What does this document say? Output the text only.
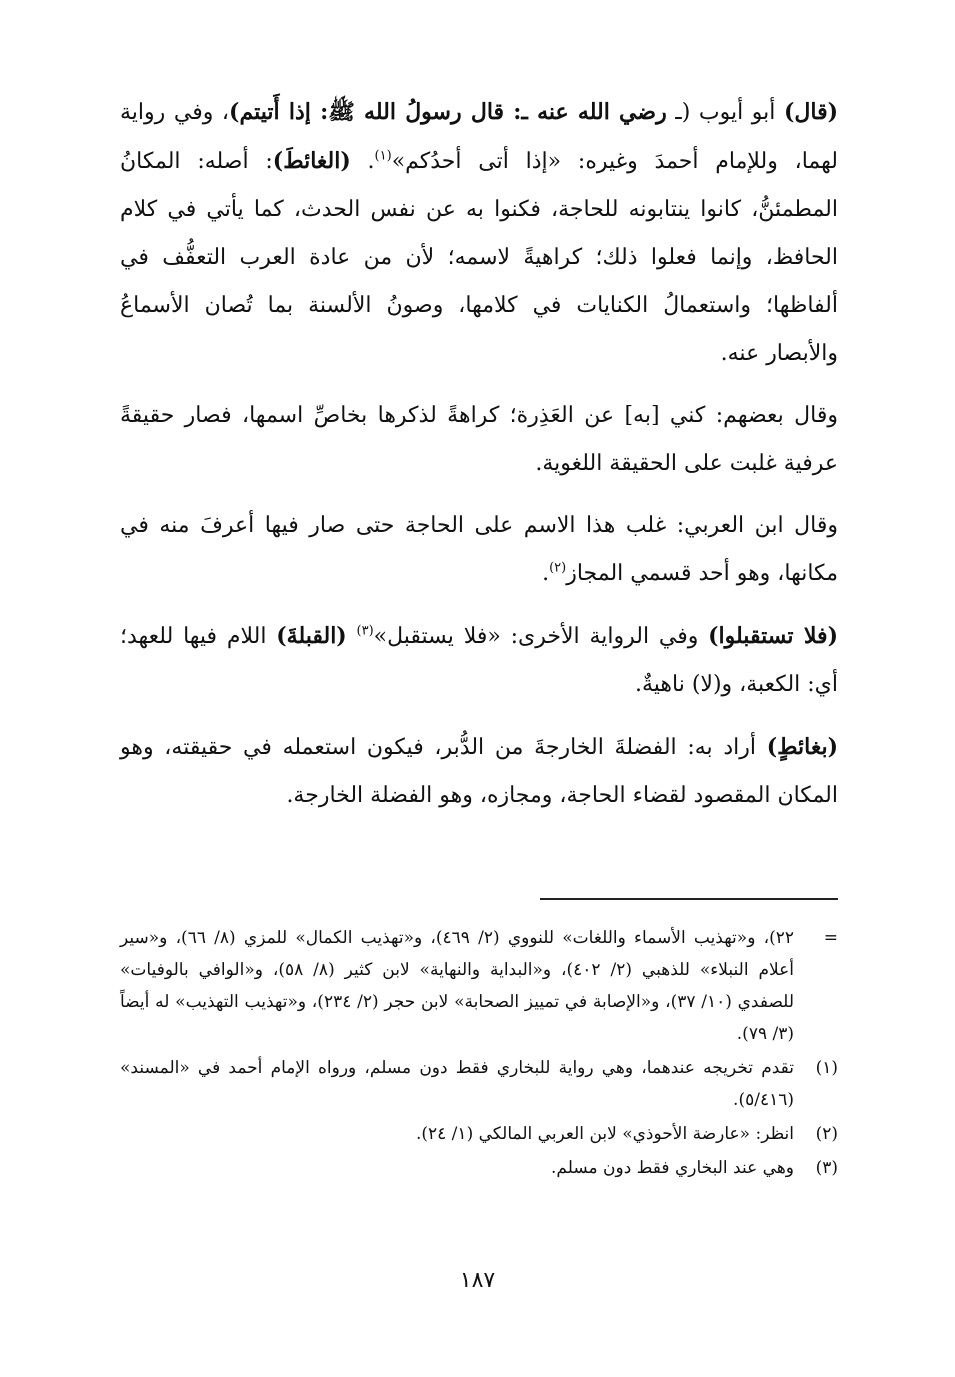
(قال) أبو أيوب (ـ رضي الله عنه ـ: قال رسولُ الله ﷺ: إذا أَتيتم)، وفي رواية لهما، وللإمام أحمدَ وغيره: «إذا أتى أحدُكم»$^{(١)}$. (الغائطَ): أصله: المكانُ المطمئنُّ، كانوا ينتابونه للحاجة، فكنوا به عن نفس الحدث، كما يأتي في كلام الحافظ، وإنما فعلوا ذلك؛ كراهيةً لاسمه؛ لأن من عادة العرب التعفُّف في ألفاظها؛ واستعمالُ الكنايات في كلامها، وصونُ الألسنة بما تُصان الأسماعُ والأبصار عنه.

وقال بعضهم: كني [به] عن العَذِرة؛ كراهةً لذكرها بخاصِّ اسمها، فصار حقيقةً عرفية غلبت على الحقيقة اللغوية.

وقال ابن العربي: غلب هذا الاسم على الحاجة حتى صار فيها أعرفَ منه في مكانها، وهو أحد قسمي المجاز$^{(٢)}$.

(فلا تستقبلوا) وفي الرواية الأخرى: «فلا يستقبل»$^{(٣)}$ (القبلةَ) اللام فيها للعهد؛ أي: الكعبة، و(لا) ناهيةٌ.

(بغائطٍ) أراد به: الفضلةَ الخارجةَ من الدُّبر، فيكون استعمله في حقيقته، وهو المكان المقصود لقضاء الحاجة، ومجازه، وهو الفضلة الخارجة.

=
٢٢)، و«تهذيب الأسماء واللغات» للنووي (٢/ ٤٦٩)، و«تهذيب الكمال» للمزي (٨/ ٦٦)، و«سير أعلام النبلاء» للذهبي (٢/ ٤٠٢)، و«البداية والنهاية» لابن كثير (٨/ ٥٨)، و«الوافي بالوفيات» للصفدي (١٠/ ٣٧)، و«الإصابة في تمييز الصحابة» لابن حجر (٢/ ٢٣٤)، و«تهذيب التهذيب» له أيضاً (٣/ ٧٩).
(١)
تقدم تخريجه عندهما، وهي رواية للبخاري فقط دون مسلم، ورواه الإمام أحمد في «المسند» (٥/٤١٦).
(٢)
انظر: «عارضة الأحوذي» لابن العربي المالكي (١/ ٢٤).
(٣)
وهي عند البخاري فقط دون مسلم.
١٨٧
